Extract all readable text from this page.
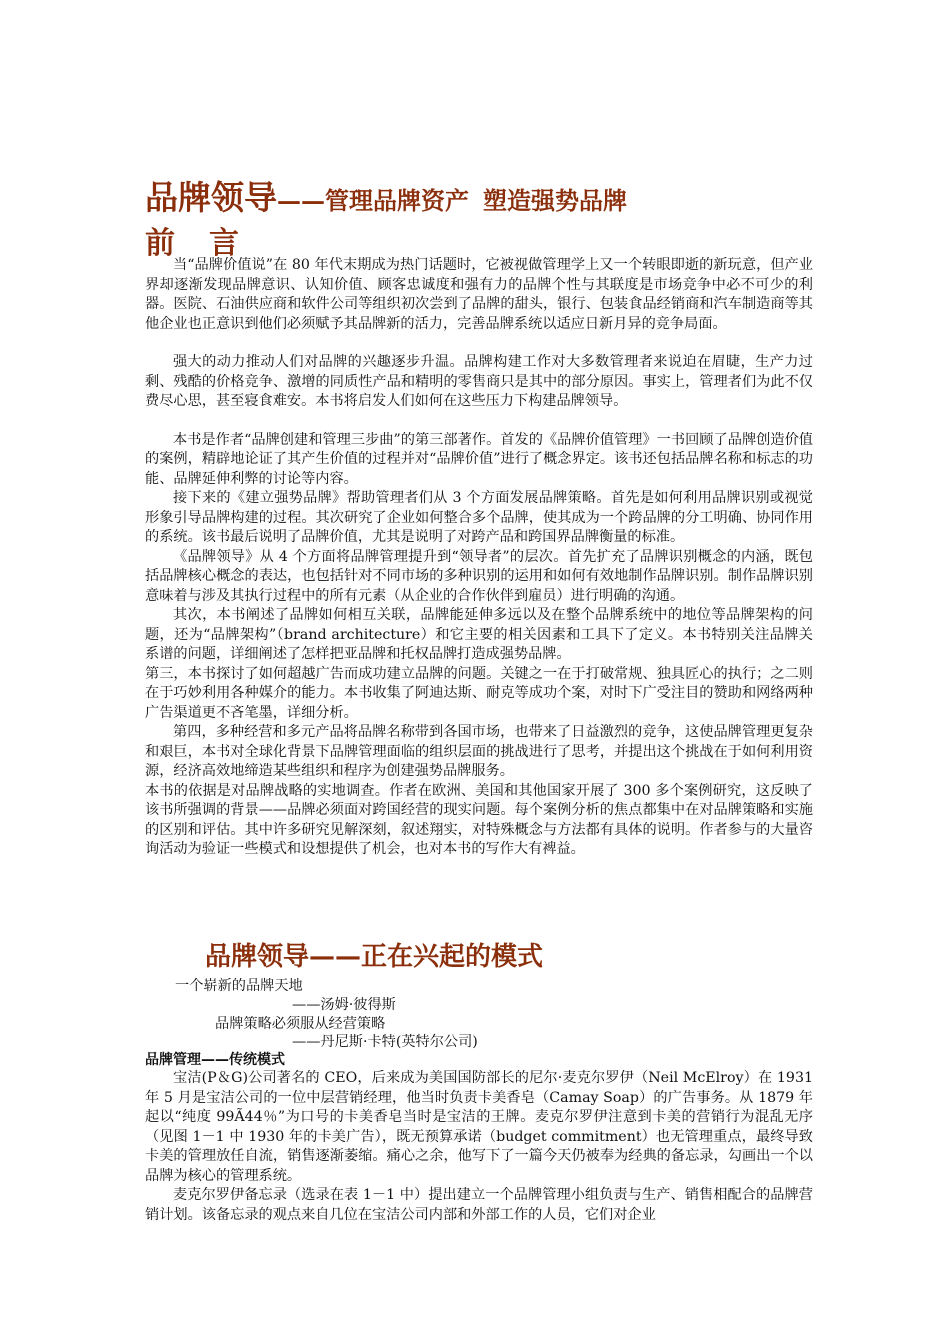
品牌领导——管理品牌资产 塑造强势品牌
前言

当“品牌价值说”在 80 年代末期成为热门话题时，它被视做管理学上又一个转眼即逝的新玩意，但产业界却逐渐发现品牌意识、认知价值、顾客忠诚度和强有力的品牌个性与其联度是市场竞争中必不可少的利器。医院、石油供应商和软件公司等组织初次尝到了品牌的甜头，银行、包装食品经销商和汽车制造商等其他企业也正意识到他们必须赋予其品牌新的活力，完善品牌系统以适应日新月异的竞争局面。

强大的动力推动人们对品牌的兴趣逐步升温。品牌构建工作对大多数管理者来说迫在眉睫，生产力过剩、残酷的价格竞争、激增的同质性产品和精明的零售商只是其中的部分原因。事实上，管理者们为此不仅费尽心思，甚至寝食难安。本书将启发人们如何在这些压力下构建品牌领导。

本书是作者“品牌创建和管理三步曲”的第三部著作。首发的《品牌价值管理》一书回顾了品牌创造价值的案例，精辟地论证了其产生价值的过程并对“品牌价值”进行了概念界定。该书还包括品牌名称和标志的功能、品牌延伸利弊的讨论等内容。

接下来的《建立强势品牌》帮助管理者们从 3 个方面发展品牌策略。首先是如何利用品牌识别或视觉形象引导品牌构建的过程。其次研究了企业如何整合多个品牌，使其成为一个跨品牌的分工明确、协同作用的系统。该书最后说明了品牌价值，尤其是说明了对跨产品和跨国界品牌衡量的标准。

《品牌领导》从 4 个方面将品牌管理提升到“领导者”的层次。首先扩充了品牌识别概念的内涵，既包括品牌核心概念的表达，也包括针对不同市场的多种识别的运用和如何有效地制作品牌识别。制作品牌识别意味着与涉及其执行过程中的所有元素（从企业的合作伙伴到雇员）进行明确的沟通。

其次，本书阐述了品牌如何相互关联，品牌能延伸多远以及在整个品牌系统中的地位等品牌架构的问题，还为“品牌架构”（brand architecture）和它主要的相关因素和工具下了定义。本书特别关注品牌关系谱的问题，详细阐述了怎样把亚品牌和托权品牌打造成强势品牌。

第三，本书探讨了如何超越广告而成功建立品牌的问题。关键之一在于打破常规、独具匠心的执行；之二则在于巧妙利用各种媒介的能力。本书收集了阿迪达斯、耐克等成功个案，对时下广受注目的赞助和网络两种广告渠道更不吝笔墨，详细分析。

第四，多种经营和多元产品将品牌名称带到各国市场，也带来了日益激烈的竞争，这使品牌管理更复杂和艰巨，本书对全球化背景下品牌管理面临的组织层面的挑战进行了思考，并提出这个挑战在于如何利用资源，经济高效地缔造某些组织和程序为创建强势品牌服务。

本书的依据是对品牌战略的实地调查。作者在欧洲、美国和其他国家开展了 300 多个案例研究，这反映了该书所强调的背景——品牌必须面对跨国经营的现实问题。每个案例分析的焦点都集中在对品牌策略和实施的区别和评估。其中许多研究见解深刻，叙述翔实，对特殊概念与方法都有具体的说明。作者参与的大量咨询活动为验证一些模式和设想提供了机会，也对本书的写作大有裨益。

品牌领导——正在兴起的模式
一个崭新的品牌天地
——汤姆·彼得斯
品牌策略必须服从经营策略
——丹尼斯·卡特(英特尔公司)
品牌管理——传统模式

宝洁(P＆G)公司著名的 CEO，后来成为美国国防部长的尼尔·麦克尔罗伊（Neil McElroy）在 1931 年 5 月是宝洁公司的一位中层营销经理，他当时负责卡美香皂（Camay Soap）的广告事务。从 1879 年起以“纯度 99Ã44％”为口号的卡美香皂当时是宝洁的王牌。麦克尔罗伊注意到卡美的营销行为混乱无序（见图 1－1 中 1930 年的卡美广告），既无预算承诺（budget commitment）也无管理重点，最终导致卡美的管理放任自流，销售逐渐萎缩。痛心之余，他写下了一篇今天仍被奉为经典的备忘录，勾画出一个以品牌为核心的管理系统。

麦克尔罗伊备忘录（选录在表 1－1 中）提出建立一个品牌管理小组负责与生产、销售相配合的品牌营销计划。该备忘录的观点来自几位在宝洁公司内部和外部工作的人员，它们对企业
